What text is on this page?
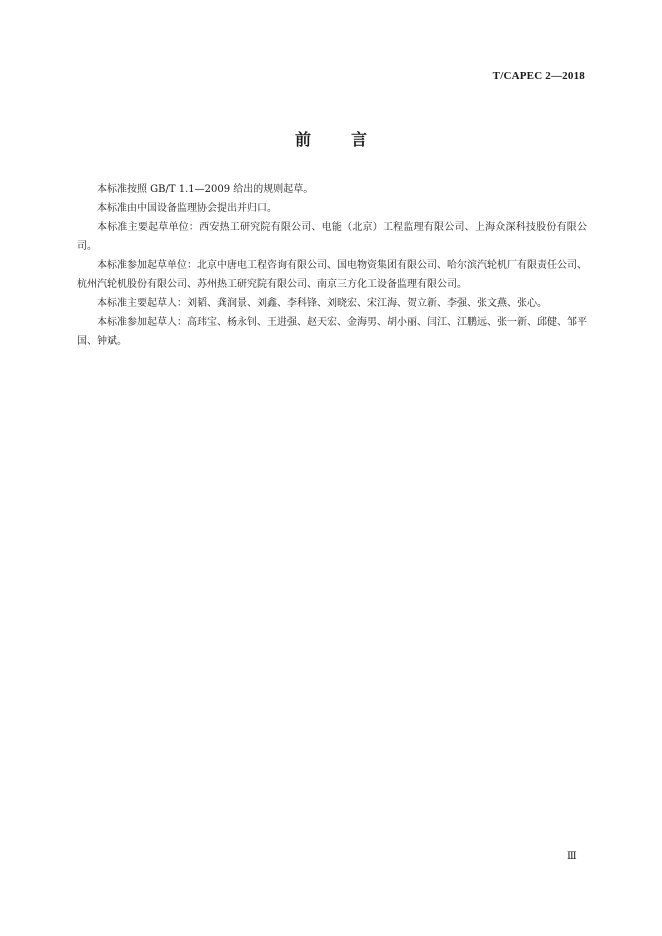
T/CAPEC 2—2018
前言

本标准按照 GB/T 1.1—2009 给出的规则起草。

本标准由中国设备监理协会提出并归口。

本标准主要起草单位：西安热工研究院有限公司、电能（北京）工程监理有限公司、上海众深科技股份有限公司。

本标准参加起草单位：北京中唐电工程咨询有限公司、国电物资集团有限公司、哈尔滨汽轮机厂有限责任公司、杭州汽轮机股份有限公司、苏州热工研究院有限公司、南京三方化工设备监理有限公司。

本标准主要起草人：刘韬、龚润景、刘鑫、李科锋、刘晓宏、宋江海、贺立新、李强、张文燕、张心。

本标准参加起草人：高玮宝、杨永钊、王进强、赵天宏、金海男、胡小丽、闫江、江鹏远、张一新、邱健、邹平国、钟斌。

Ⅲ
